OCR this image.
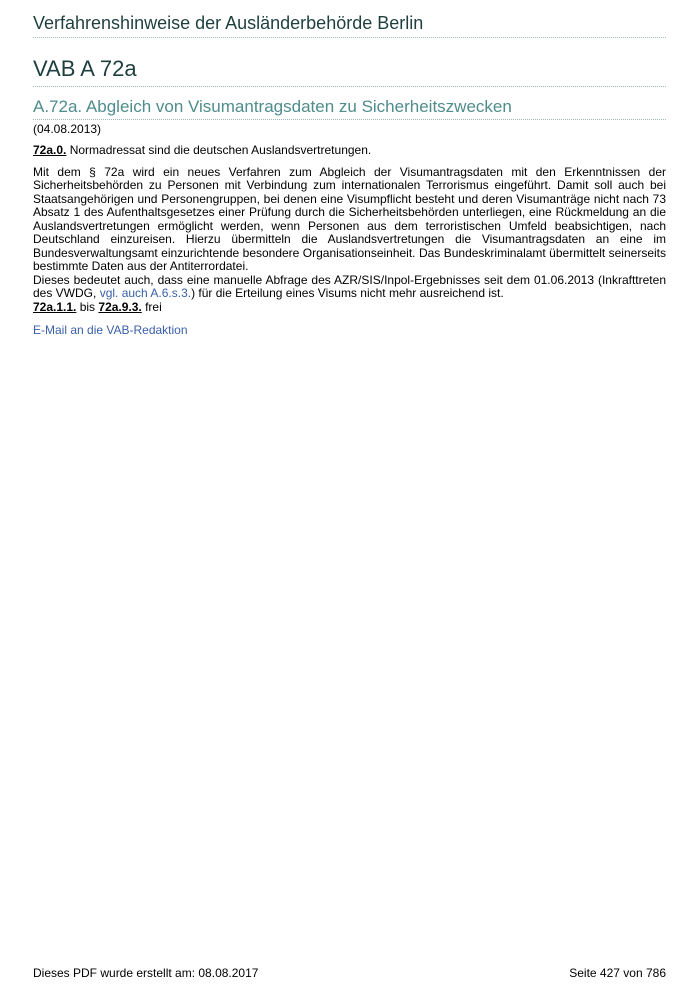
Verfahrenshinweise der Ausländerbehörde Berlin
VAB A 72a
A.72a. Abgleich von Visumantragsdaten zu Sicherheitszwecken
(04.08.2013)
72a.0. Normadressat sind die deutschen Auslandsvertretungen.
Mit dem § 72a wird ein neues Verfahren zum Abgleich der Visumantragsdaten mit den Erkenntnissen der Sicherheitsbehörden zu Personen mit Verbindung zum internationalen Terrorismus eingeführt. Damit soll auch bei Staatsangehörigen und Personengruppen, bei denen eine Visumpflicht besteht und deren Visumanträge nicht nach 73 Absatz 1 des Aufenthaltsgesetzes einer Prüfung durch die Sicherheitsbehörden unterliegen, eine Rückmeldung an die Auslandsvertretungen ermöglicht werden, wenn Personen aus dem terroristischen Umfeld beabsichtigen, nach Deutschland einzureisen. Hierzu übermitteln die Auslandsvertretungen die Visumantragsdaten an eine im Bundesverwaltungsamt einzurichtende besondere Organisationseinheit. Das Bundeskriminalamt übermittelt seinerseits bestimmte Daten aus der Antiterrordatei.
Dieses bedeutet auch, dass eine manuelle Abfrage des AZR/SIS/Inpol-Ergebnisses seit dem 01.06.2013 (Inkrafttreten des VWDG, vgl. auch A.6.s.3.) für die Erteilung eines Visums nicht mehr ausreichend ist.
72a.1.1. bis 72a.9.3. frei
E-Mail an die VAB-Redaktion
Dieses PDF wurde erstellt am: 08.08.2017	Seite 427 von 786
